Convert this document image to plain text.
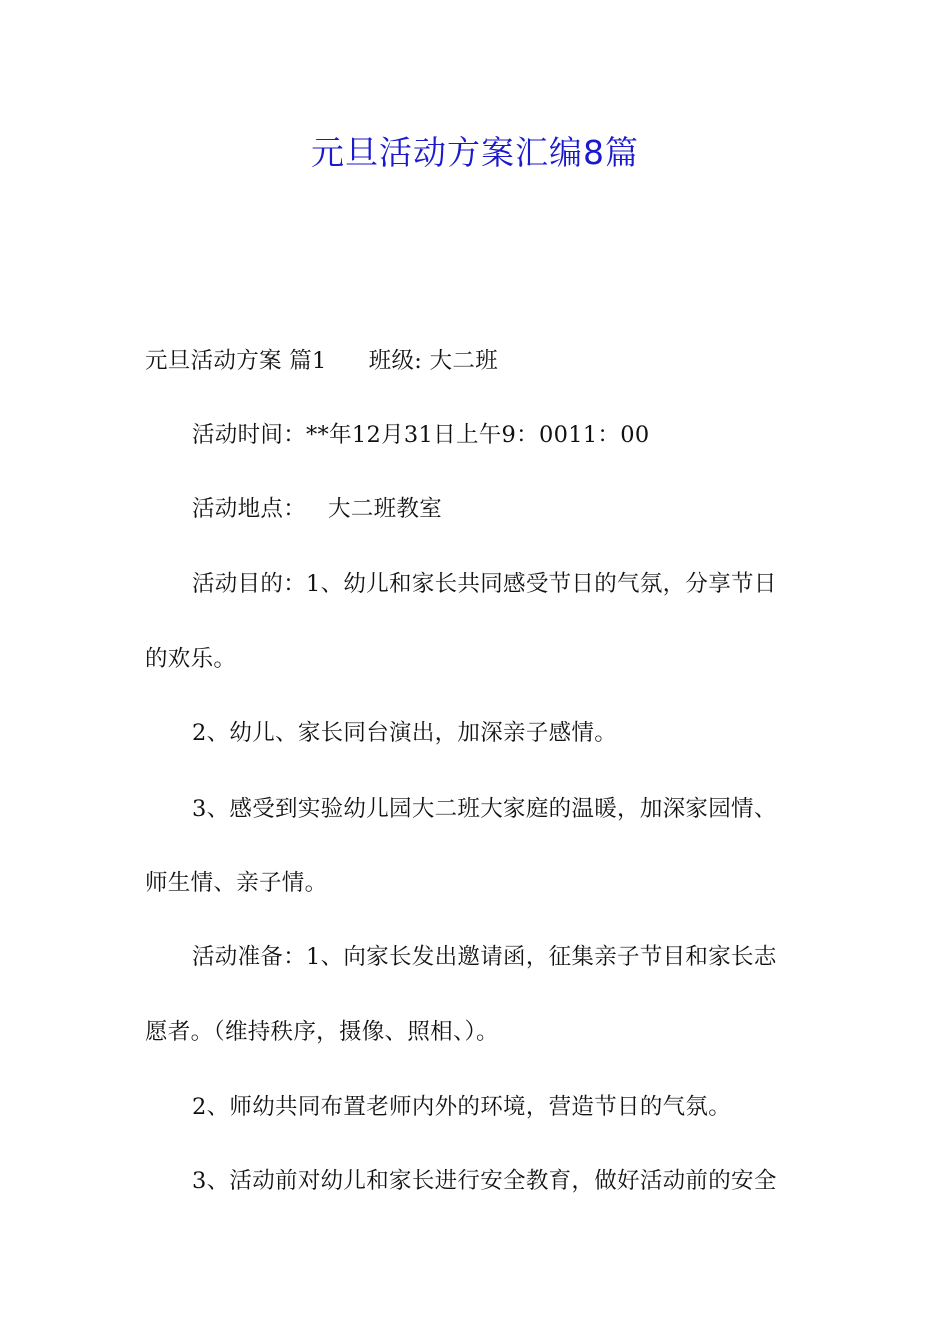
元旦活动方案汇编8篇
元旦活动方案 篇1 班级: 大二班
活动时间：**年12月31日上午9：0011：00
活动地点： 大二班教室
活动目的：1、幼儿和家长共同感受节日的气氛，分享节日
的欢乐。
2、幼儿、家长同台演出，加深亲子感情。
3、感受到实验幼儿园大二班大家庭的温暖，加深家园情、
师生情、亲子情。
活动准备：1、向家长发出邀请函，征集亲子节目和家长志
愿者。（维持秩序，摄像、照相、）。
2、师幼共同布置老师内外的环境，营造节日的气氛。
3、活动前对幼儿和家长进行安全教育，做好活动前的安全
